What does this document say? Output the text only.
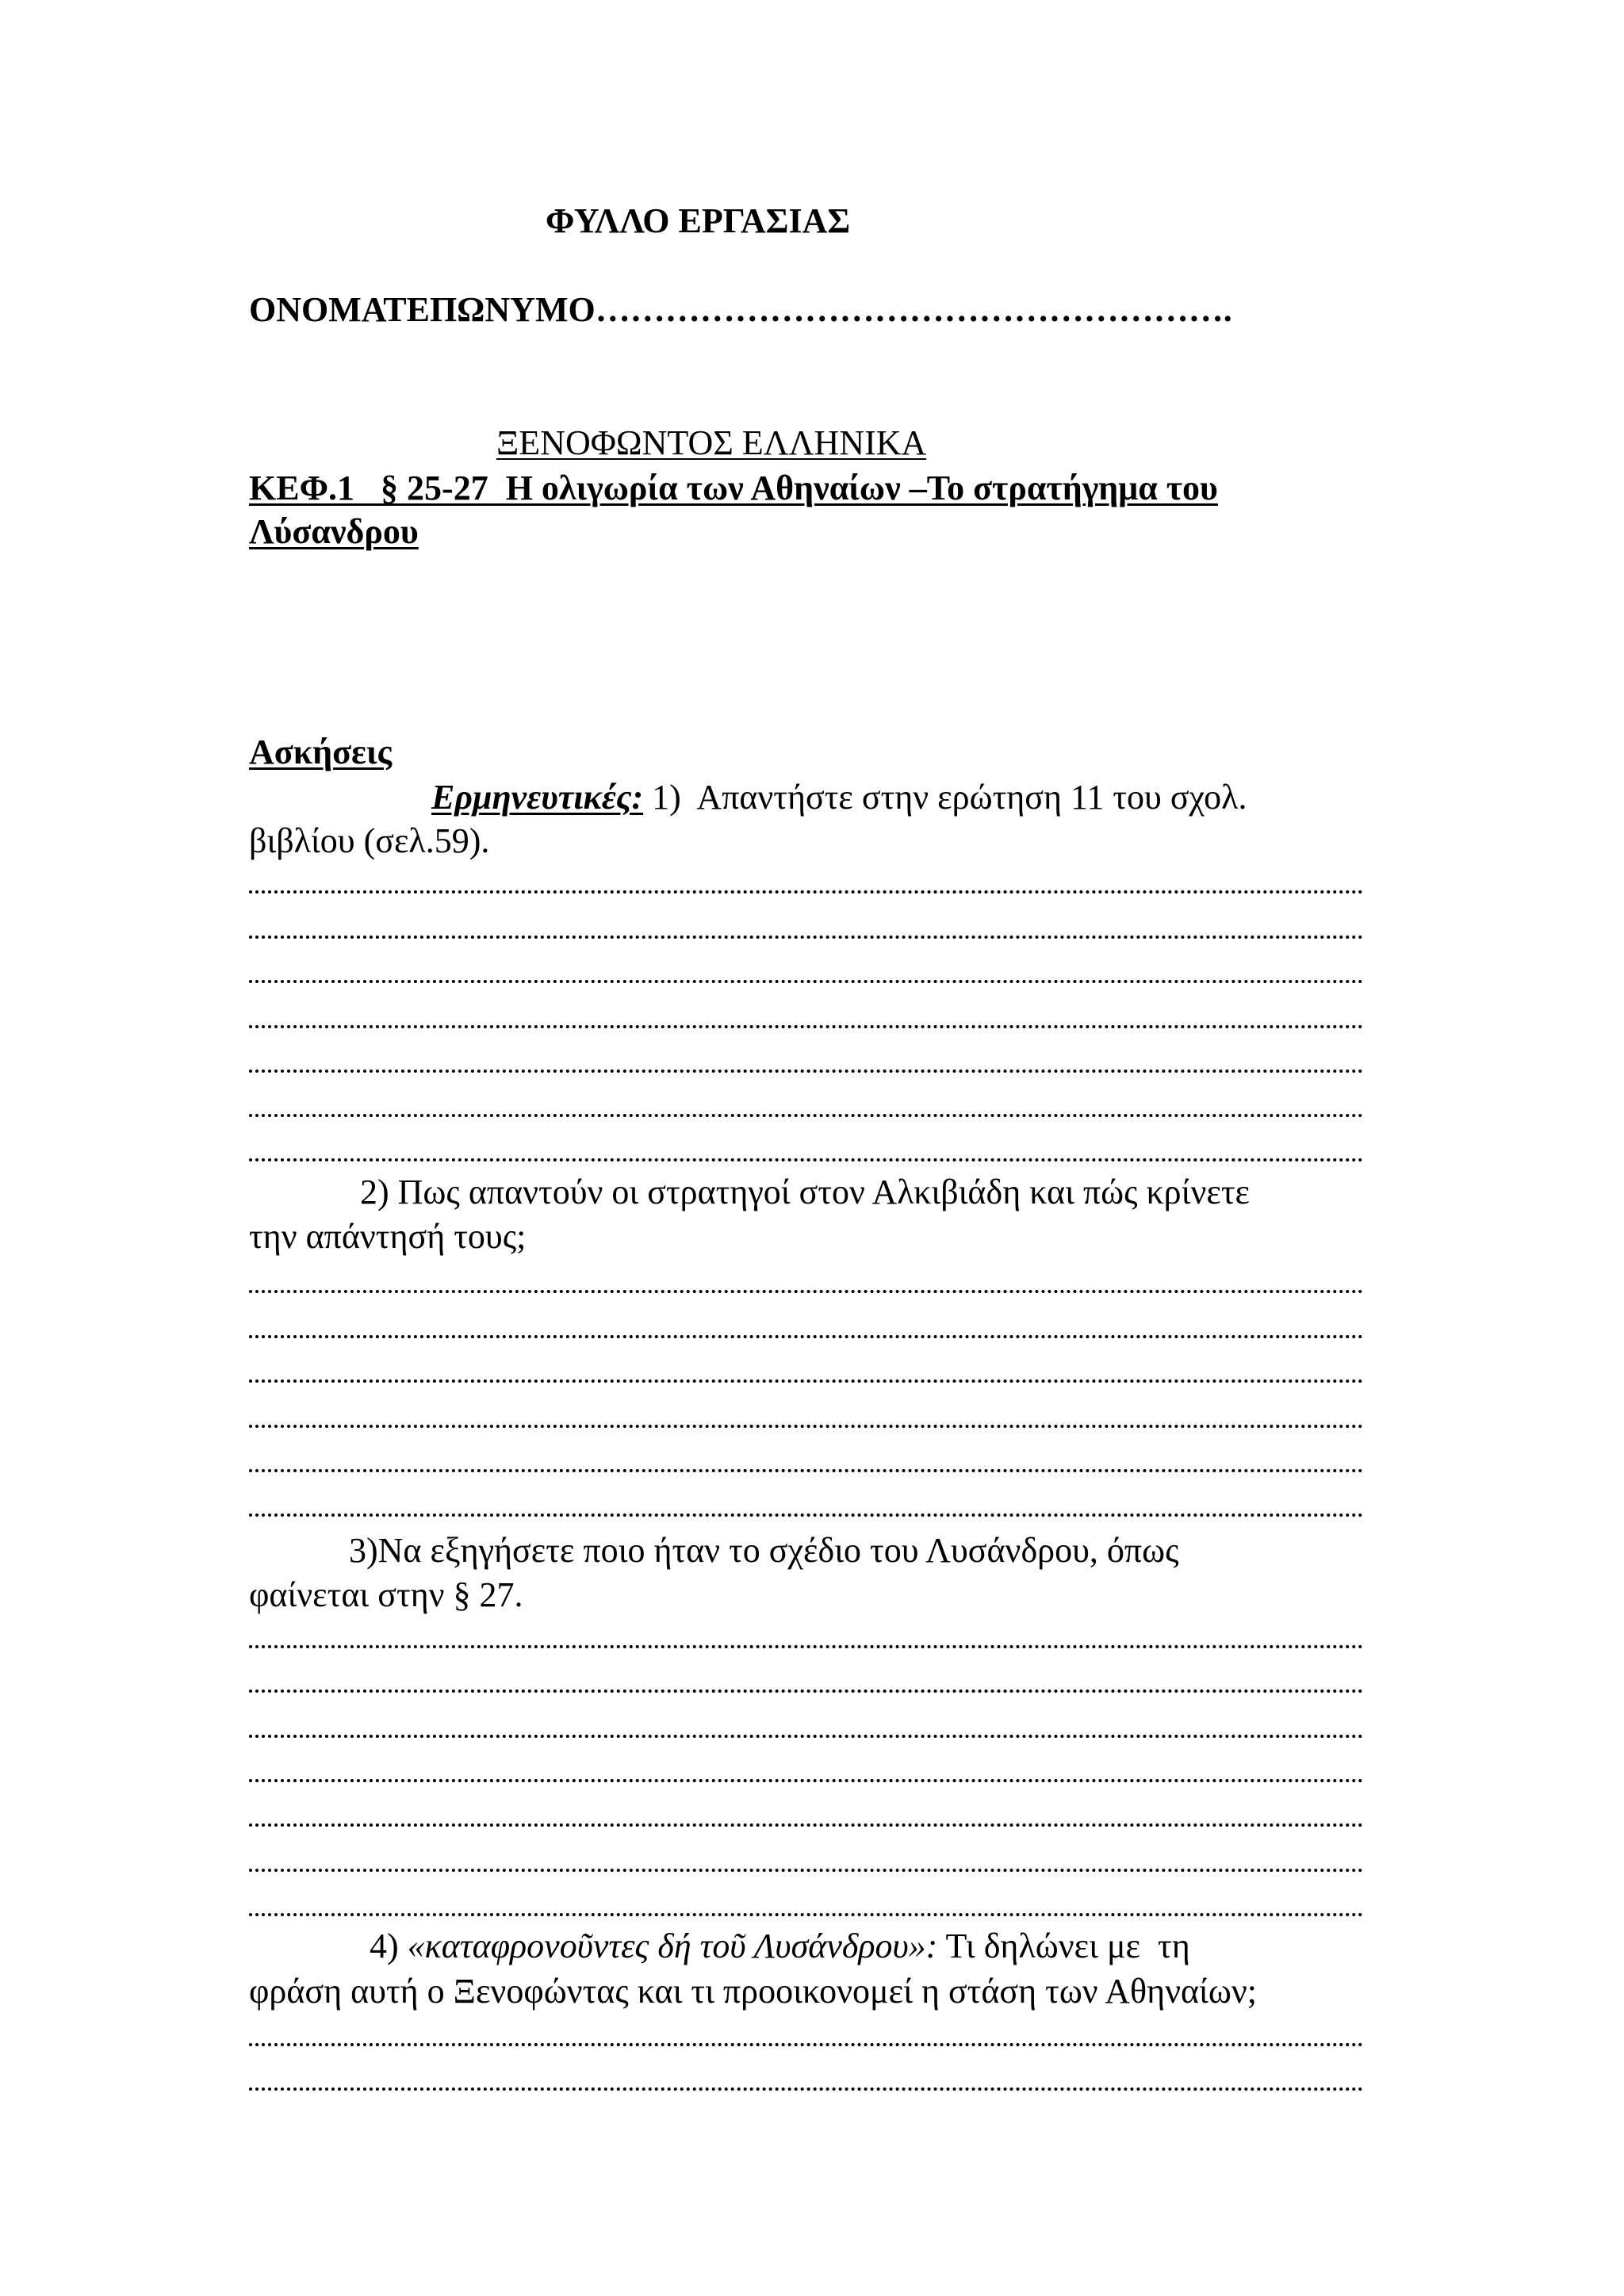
ΦΥΛΛΟ ΕΡΓΑΣΙΑΣ
ΟΝΟΜΑΤΕΠΩΝΥΜΟ……………………………………………….
ΞΕΝΟΦΩΝΤΟΣ ΕΛΛΗΝΙΚΑ
ΚΕΦ.1   § 25-27  Η ολιγωρία των Αθηναίων –Το στρατήγημα του
Λύσανδρου
Ασκήσεις
Ερμηνευτικές: 1)  Απαντήστε στην ερώτηση 11 του σχολ.
βιβλίου (σελ.59).
2) Πως απαντούν οι στρατηγοί στον Αλκιβιάδη και πώς κρίνετε
την απάντησή τους;
3)Να εξηγήσετε ποιο ήταν το σχέδιο του Λυσάνδρου, όπως
φαίνεται στην § 27.
4) «καταφρονοῦντες δή τοῦ Λυσάνδρου»: Τι δηλώνει με  τη
φράση αυτή ο Ξενοφώντας και τι προοικονομεί η στάση των Αθηναίων;
